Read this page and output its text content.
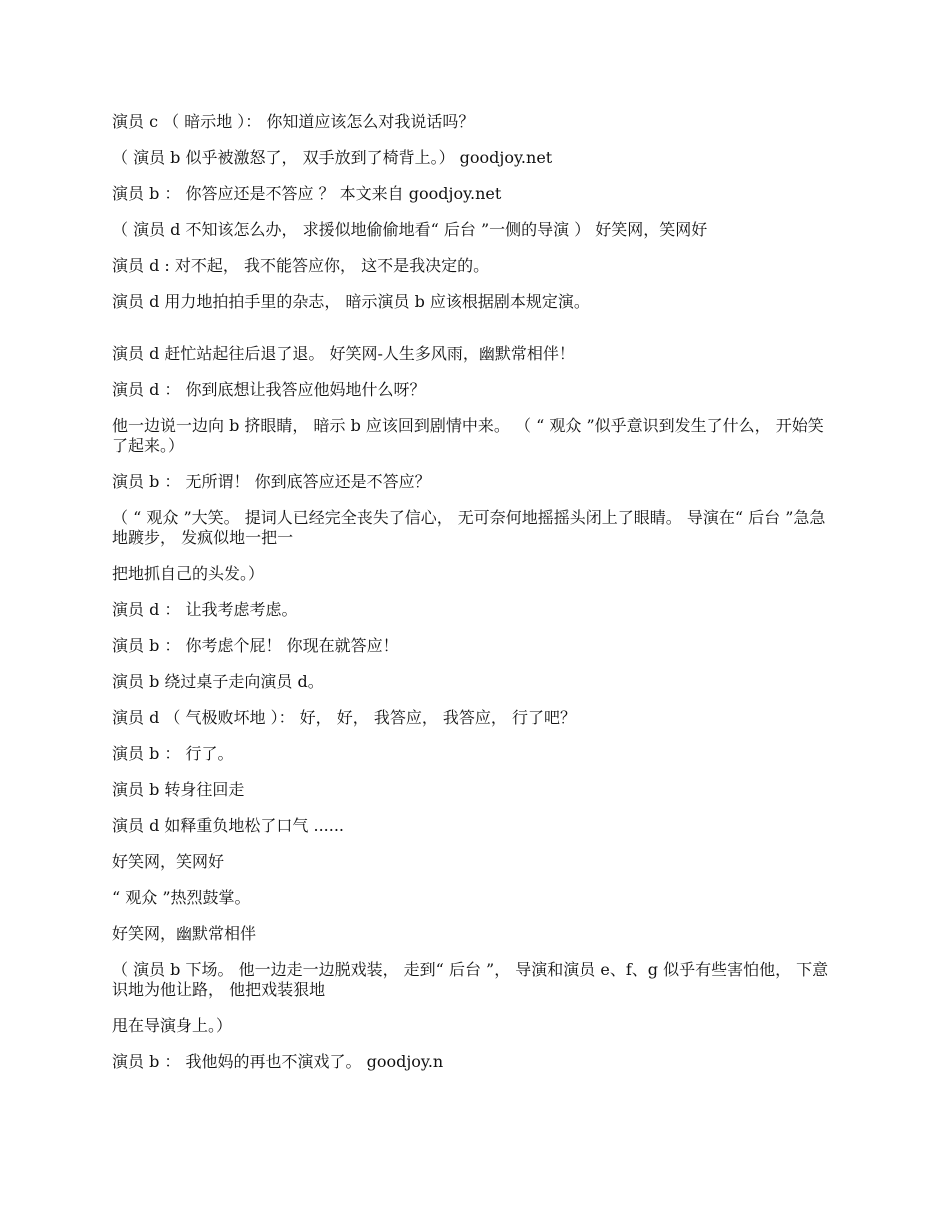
演员 c （ 暗示地 ）： 你知道应该怎么对我说话吗？

（ 演员 b 似乎被激怒了， 双手放到了椅背上。） goodjoy.net

演员 b ： 你答应还是不答应 ？ 本文来自 goodjoy.net

（ 演员 d 不知该怎么办， 求援似地偷偷地看“ 后台 ”一侧的导演 ） 好笑网，笑网好

演员 d : 对不起， 我不能答应你， 这不是我决定的。

演员 d 用力地拍拍手里的杂志， 暗示演员 b 应该根据剧本规定演。

演员 d 赶忙站起往后退了退。 好笑网-人生多风雨，幽默常相伴！

演员 d ： 你到底想让我答应他妈地什么呀？

他一边说一边向 b 挤眼睛， 暗示 b 应该回到剧情中来。 （ “ 观众 ”似乎意识到发生了什么， 开始笑了起来。）

演员 b ： 无所谓！ 你到底答应还是不答应？

（ “ 观众 ”大笑。 提词人已经完全丧失了信心， 无可奈何地摇摇头闭上了眼睛。 导演在“ 后台 ”急急地踱步， 发疯似地一把一

把地抓自己的头发。）

演员 d ： 让我考虑考虑。

演员 b ： 你考虑个屁！ 你现在就答应！

演员 b 绕过桌子走向演员 d。

演员 d （ 气极败坏地 ）： 好， 好， 我答应， 我答应， 行了吧？

演员 b ： 行了。

演员 b 转身往回走

演员 d 如释重负地松了口气 ......

好笑网，笑网好

“ 观众 ”热烈鼓掌。

好笑网，幽默常相伴

（ 演员 b 下场。 他一边走一边脱戏装， 走到“ 后台 ”， 导演和演员 e、f、g 似乎有些害怕他， 下意识地为他让路， 他把戏装狠地

甩在导演身上。）

演员 b ： 我他妈的再也不演戏了。 goodjoy.n
